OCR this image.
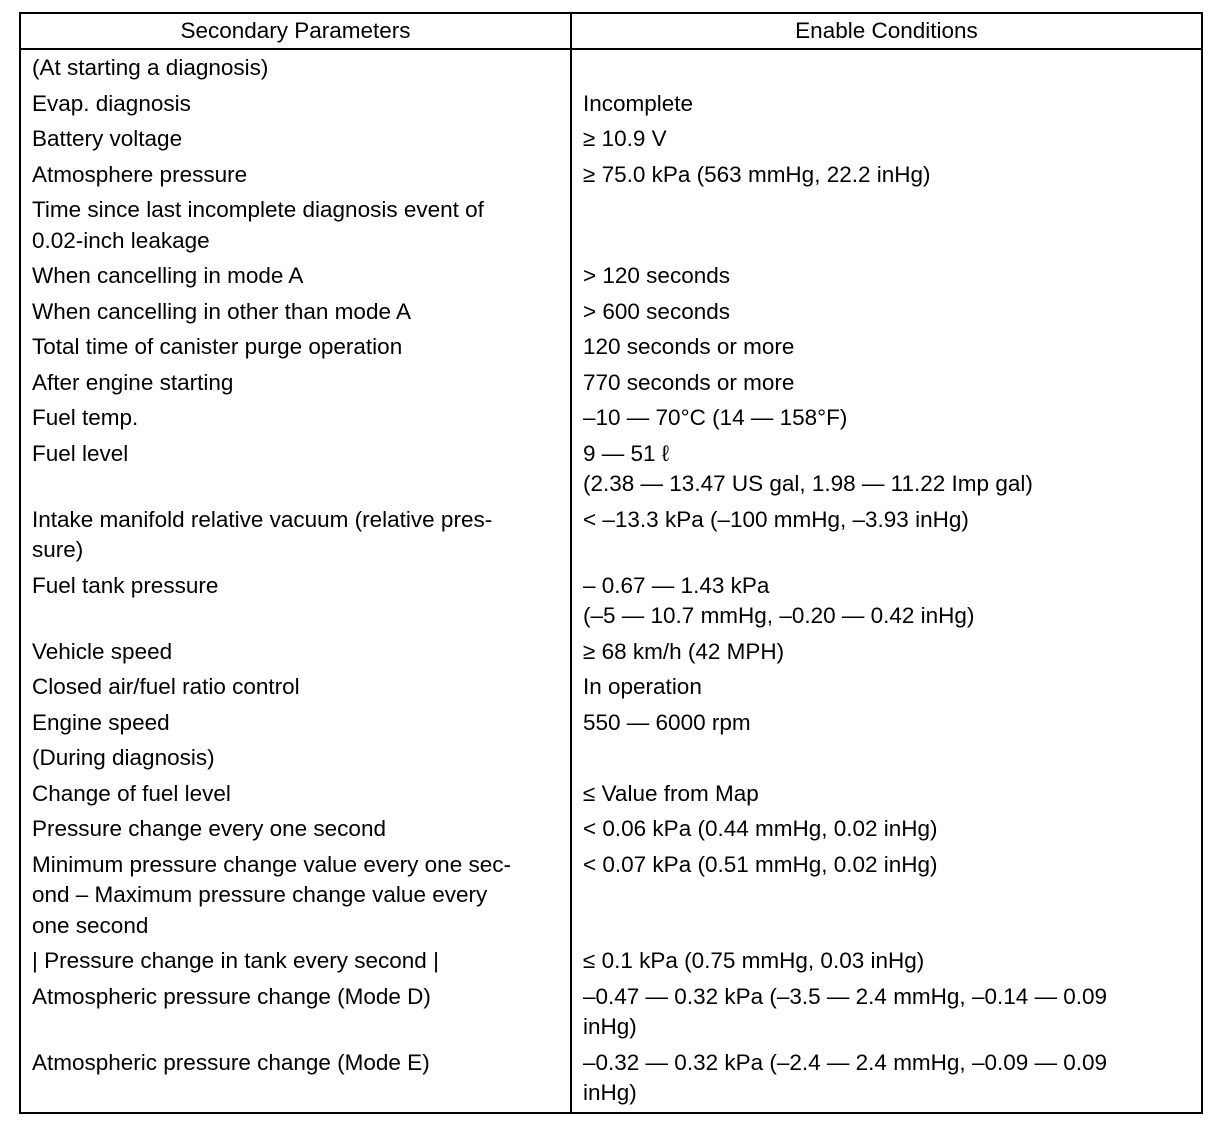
Secondary Parameters	Enable Conditions

(At starting a diagnosis)	

Evap. diagnosis	Incomplete

Battery voltage	≥ 10.9 V

Atmosphere pressure	≥ 75.0 kPa (563 mmHg, 22.2 inHg)

Time since last incomplete diagnosis event of
0.02-inch leakage	

When cancelling in mode A	> 120 seconds

When cancelling in other than mode A	> 600 seconds

Total time of canister purge operation	120 seconds or more

After engine starting	770 seconds or more

Fuel temp.	–10 — 70°C (14 — 158°F)

Fuel level	9 — 51 ℓ
(2.38 — 13.47 US gal, 1.98 — 11.22 Imp gal)

Intake manifold relative vacuum (relative pres-
sure)	< –13.3 kPa (–100 mmHg, –3.93 inHg)

Fuel tank pressure	– 0.67 — 1.43 kPa
(–5 — 10.7 mmHg, –0.20 — 0.42 inHg)

Vehicle speed	≥ 68 km/h (42 MPH)

Closed air/fuel ratio control	In operation

Engine speed	550 — 6000 rpm

(During diagnosis)	

Change of fuel level	≤ Value from Map

Pressure change every one second	< 0.06 kPa (0.44 mmHg, 0.02 inHg)

Minimum pressure change value every one sec-
ond – Maximum pressure change value every
one second	< 0.07 kPa (0.51 mmHg, 0.02 inHg)

| Pressure change in tank every second |	≤ 0.1 kPa (0.75 mmHg, 0.03 inHg)

Atmospheric pressure change (Mode D)	–0.47 — 0.32 kPa (–3.5 — 2.4 mmHg, –0.14 — 0.09
inHg)

Atmospheric pressure change (Mode E)	–0.32 — 0.32 kPa (–2.4 — 2.4 mmHg, –0.09 — 0.09
inHg)
